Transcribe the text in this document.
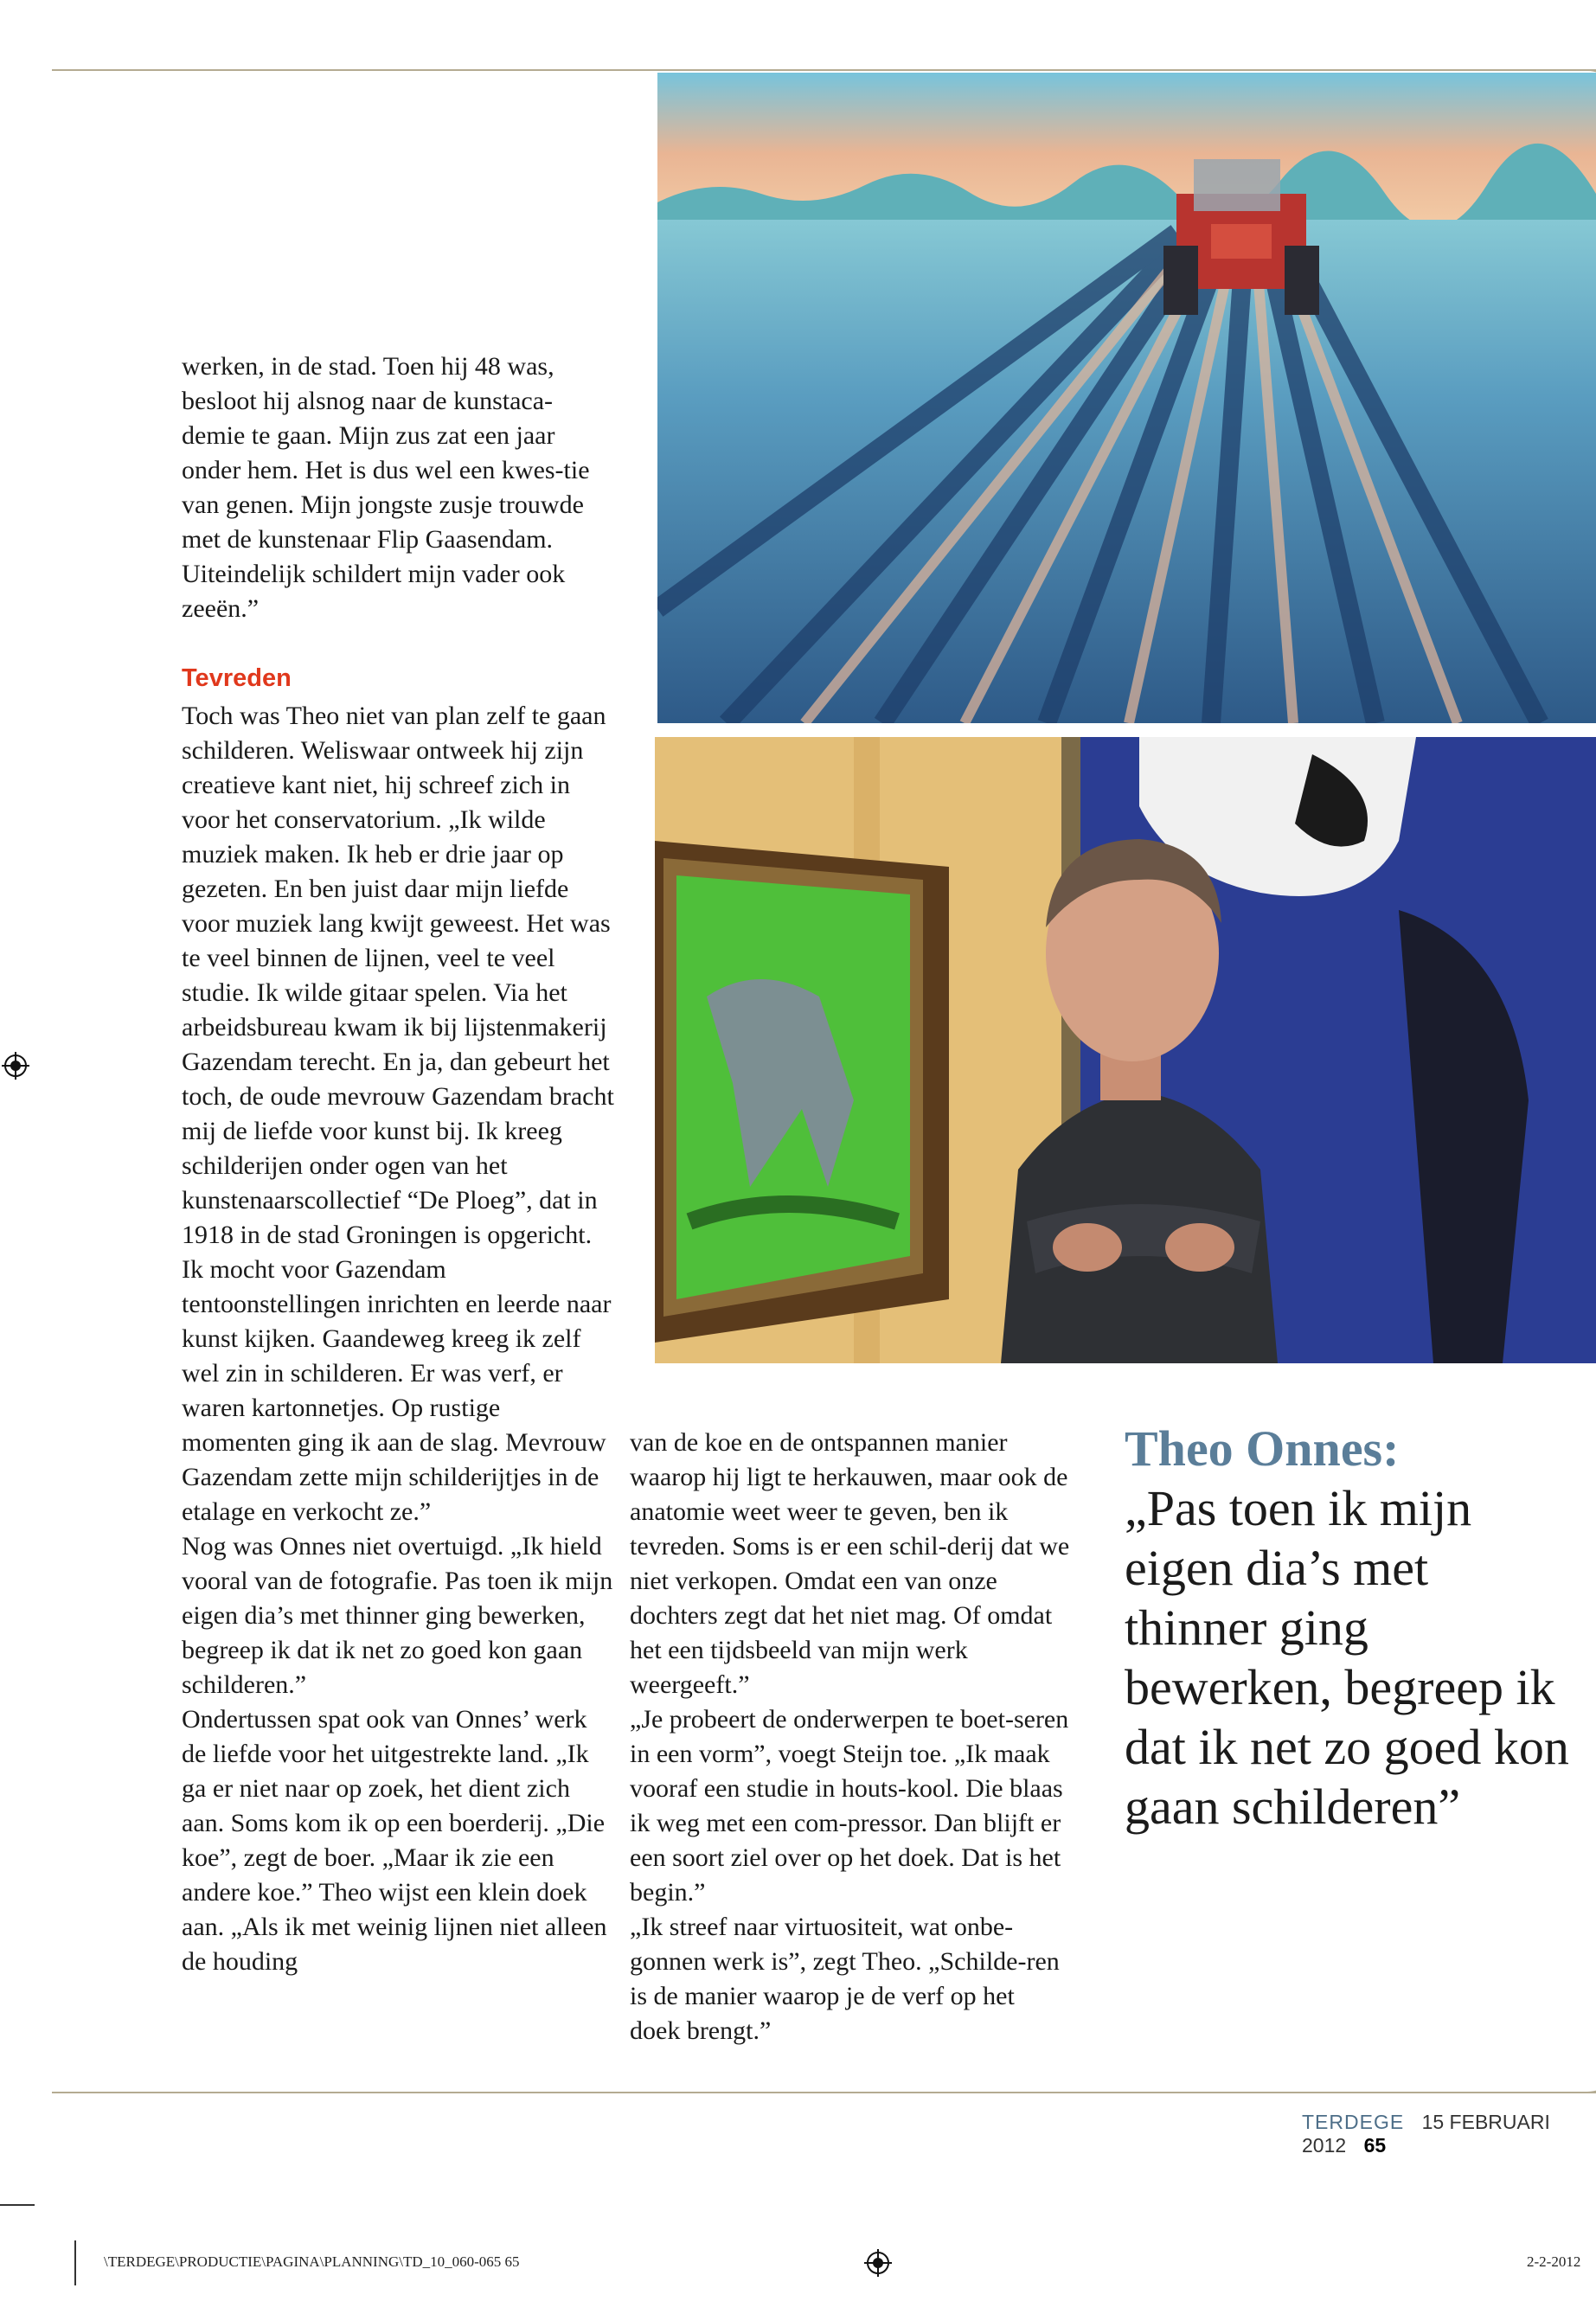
werken, in de stad. Toen hij 48 was, besloot hij alsnog naar de kunstaca-demie te gaan. Mijn zus zat een jaar onder hem. Het is dus wel een kwes-tie van genen. Mijn jongste zusje trouwde met de kunstenaar Flip Gaasendam. Uiteindelijk schildert mijn vader ook zeeën.”

Tevreden

Toch was Theo niet van plan zelf te gaan schilderen. Weliswaar ontweek hij zijn creatieve kant niet, hij schreef zich in voor het conservatorium. „Ik wilde muziek maken. Ik heb er drie jaar op gezeten. En ben juist daar mijn liefde voor muziek lang kwijt geweest. Het was te veel binnen de lijnen, veel te veel studie. Ik wilde gitaar spelen. Via het arbeidsbureau kwam ik bij lijstenmakerij Gazendam terecht. En ja, dan gebeurt het toch, de oude mevrouw Gazendam bracht mij de liefde voor kunst bij. Ik kreeg schilderijen onder ogen van het kunstenaarscollectief “De Ploeg”, dat in 1918 in de stad Groningen is opgericht. Ik mocht voor Gazendam tentoonstellingen inrichten en leerde naar kunst kijken. Gaandeweg kreeg ik zelf wel zin in schilderen. Er was verf, er waren kartonnetjes. Op rustige momenten ging ik aan de slag. Mevrouw Gazendam zette mijn schilderijtjes in de etalage en verkocht ze.”

Nog was Onnes niet overtuigd. „Ik hield vooral van de fotografie. Pas toen ik mijn eigen dia’s met thinner ging bewerken, begreep ik dat ik net zo goed kon gaan schilderen.”

Ondertussen spat ook van Onnes’ werk de liefde voor het uitgestrekte land. „Ik ga er niet naar op zoek, het dient zich aan. Soms kom ik op een boerderij. „Die koe”, zegt de boer. „Maar ik zie een andere koe.” Theo wijst een klein doek aan. „Als ik met weinig lijnen niet alleen de houding

van de koe en de ontspannen manier waarop hij ligt te herkauwen, maar ook de anatomie weet weer te geven, ben ik tevreden. Soms is er een schil-derij dat we niet verkopen. Omdat een van onze dochters zegt dat het niet mag. Of omdat het een tijdsbeeld van mijn werk weergeeft.”

„Je probeert de onderwerpen te boet-seren in een vorm”, voegt Steijn toe. „Ik maak vooraf een studie in houts-kool. Die blaas ik weg met een com-pressor. Dan blijft er een soort ziel over op het doek. Dat is het begin.”

„Ik streef naar virtuositeit, wat onbe-gonnen werk is”, zegt Theo. „Schilde-ren is de manier waarop je de verf op het doek brengt.”

Theo Onnes:
„Pas toen ik mijn eigen dia’s met thinner ging bewerken, begreep ik dat ik net zo goed kon gaan schilderen”
TERDEGE 15 FEBRUARI 2012 65
\TERDEGE\PRODUCTIE\PAGINA\PLANNING\TD_10_060-065 65	2-2-2012
